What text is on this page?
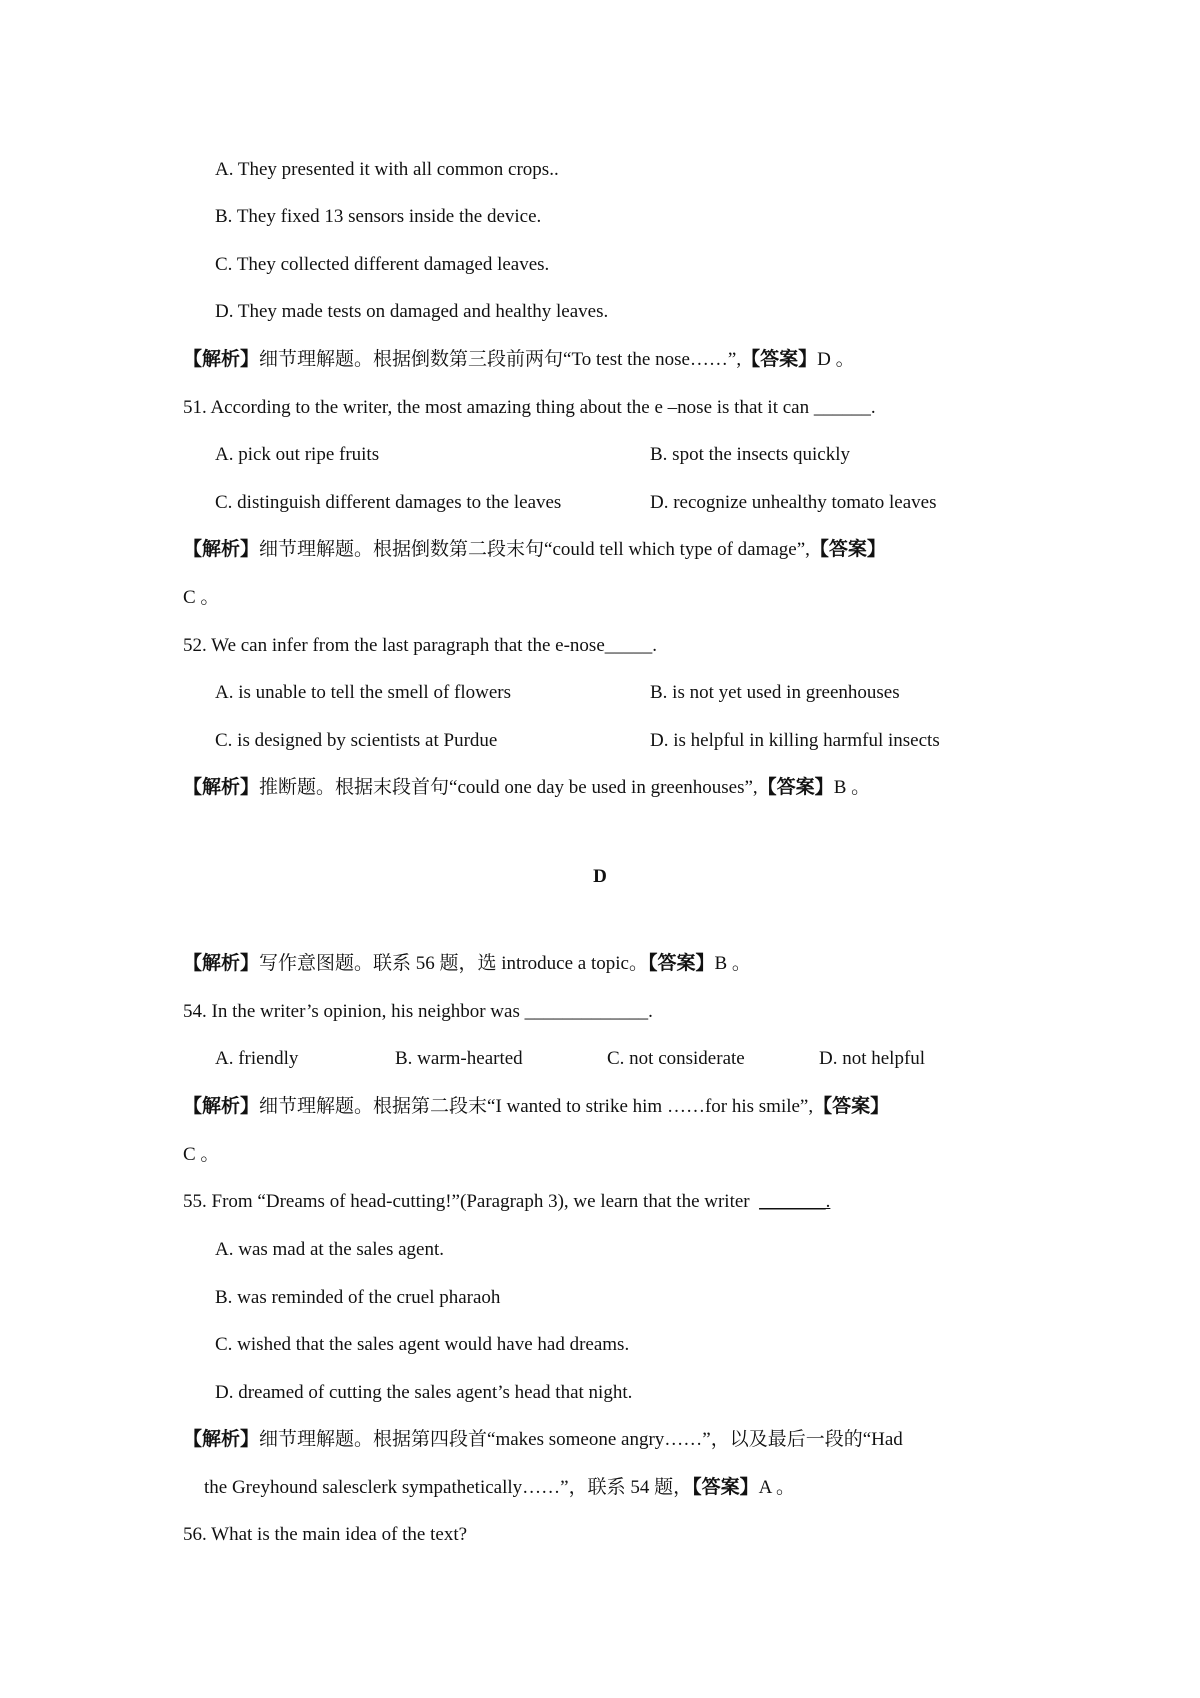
A. They presented it with all common crops..
B. They fixed 13 sensors inside the device.
C. They collected different damaged leaves.
D. They made tests on damaged and healthy leaves.
【解析】细节理解题。根据倒数第三段前两句“To test the nose……”,【答案】D 。
51. According to the writer, the most amazing thing about the e –nose is that it can ______.
A. pick out ripe fruits	B. spot the insects quickly
C. distinguish different damages to the leaves	D. recognize unhealthy tomato leaves
【解析】细节理解题。根据倒数第二段末句“could tell which type of damage”,【答案】
C 。
52. We can infer from the last paragraph that the e-nose_____.
A. is unable to tell the smell of flowers	B. is not yet used in greenhouses
C. is designed by scientists at Purdue	D. is helpful in killing harmful insects
【解析】推断题。根据末段首句“could one day be used in greenhouses”,【答案】B 。
D
【解析】写作意图题。联系 56 题，选 introduce a topic。【答案】B 。
54. In the writer’s opinion, his neighbor was _____________.
A. friendly	B. warm-hearted	C. not considerate	D. not helpful
【解析】细节理解题。根据第二段末“I wanted to strike him ……for his smile”,【答案】
C 。
55. From “Dreams of head-cutting!”(Paragraph 3), we learn that the writer _______.
A. was mad at the sales agent.
B. was reminded of the cruel pharaoh
C. wished that the sales agent would have had dreams.
D. dreamed of cutting the sales agent’s head that night.
【解析】细节理解题。根据第四段首“makes someone angry……”，以及最后一段的“Had
the Greyhound salesclerk sympathetically……”，联系 54 题，【答案】A 。
56. What is the main idea of the text?
